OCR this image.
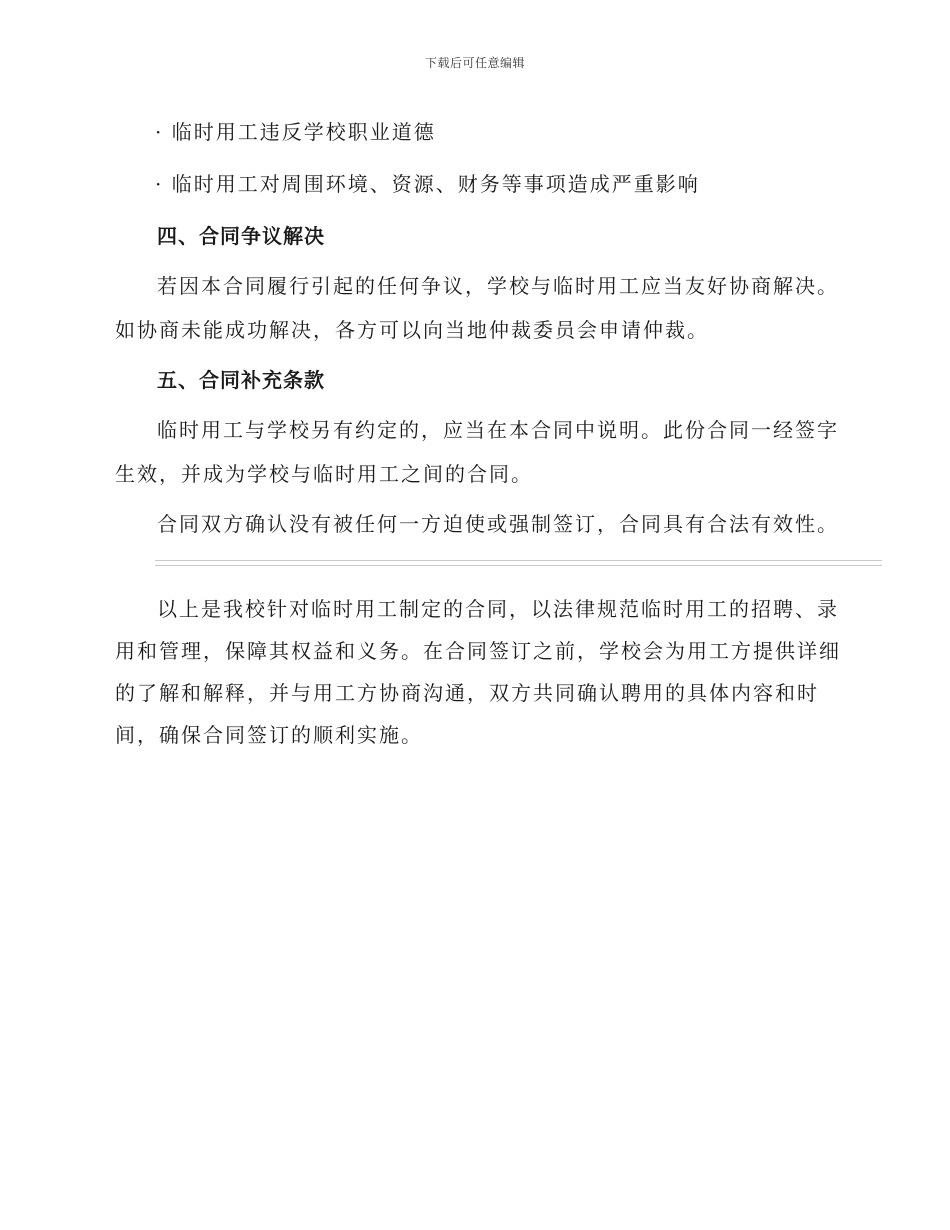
下载后可任意编辑
· 临时用工违反学校职业道德
· 临时用工对周围环境、资源、财务等事项造成严重影响
四、合同争议解决
若因本合同履行引起的任何争议，学校与临时用工应当友好协商解决。
如协商未能成功解决，各方可以向当地仲裁委员会申请仲裁。
五、合同补充条款
临时用工与学校另有约定的，应当在本合同中说明。此份合同一经签字
生效，并成为学校与临时用工之间的合同。
合同双方确认没有被任何一方迫使或强制签订，合同具有合法有效性。
以上是我校针对临时用工制定的合同，以法律规范临时用工的招聘、录
用和管理，保障其权益和义务。在合同签订之前，学校会为用工方提供详细
的了解和解释，并与用工方协商沟通，双方共同确认聘用的具体内容和时
间，确保合同签订的顺利实施。
